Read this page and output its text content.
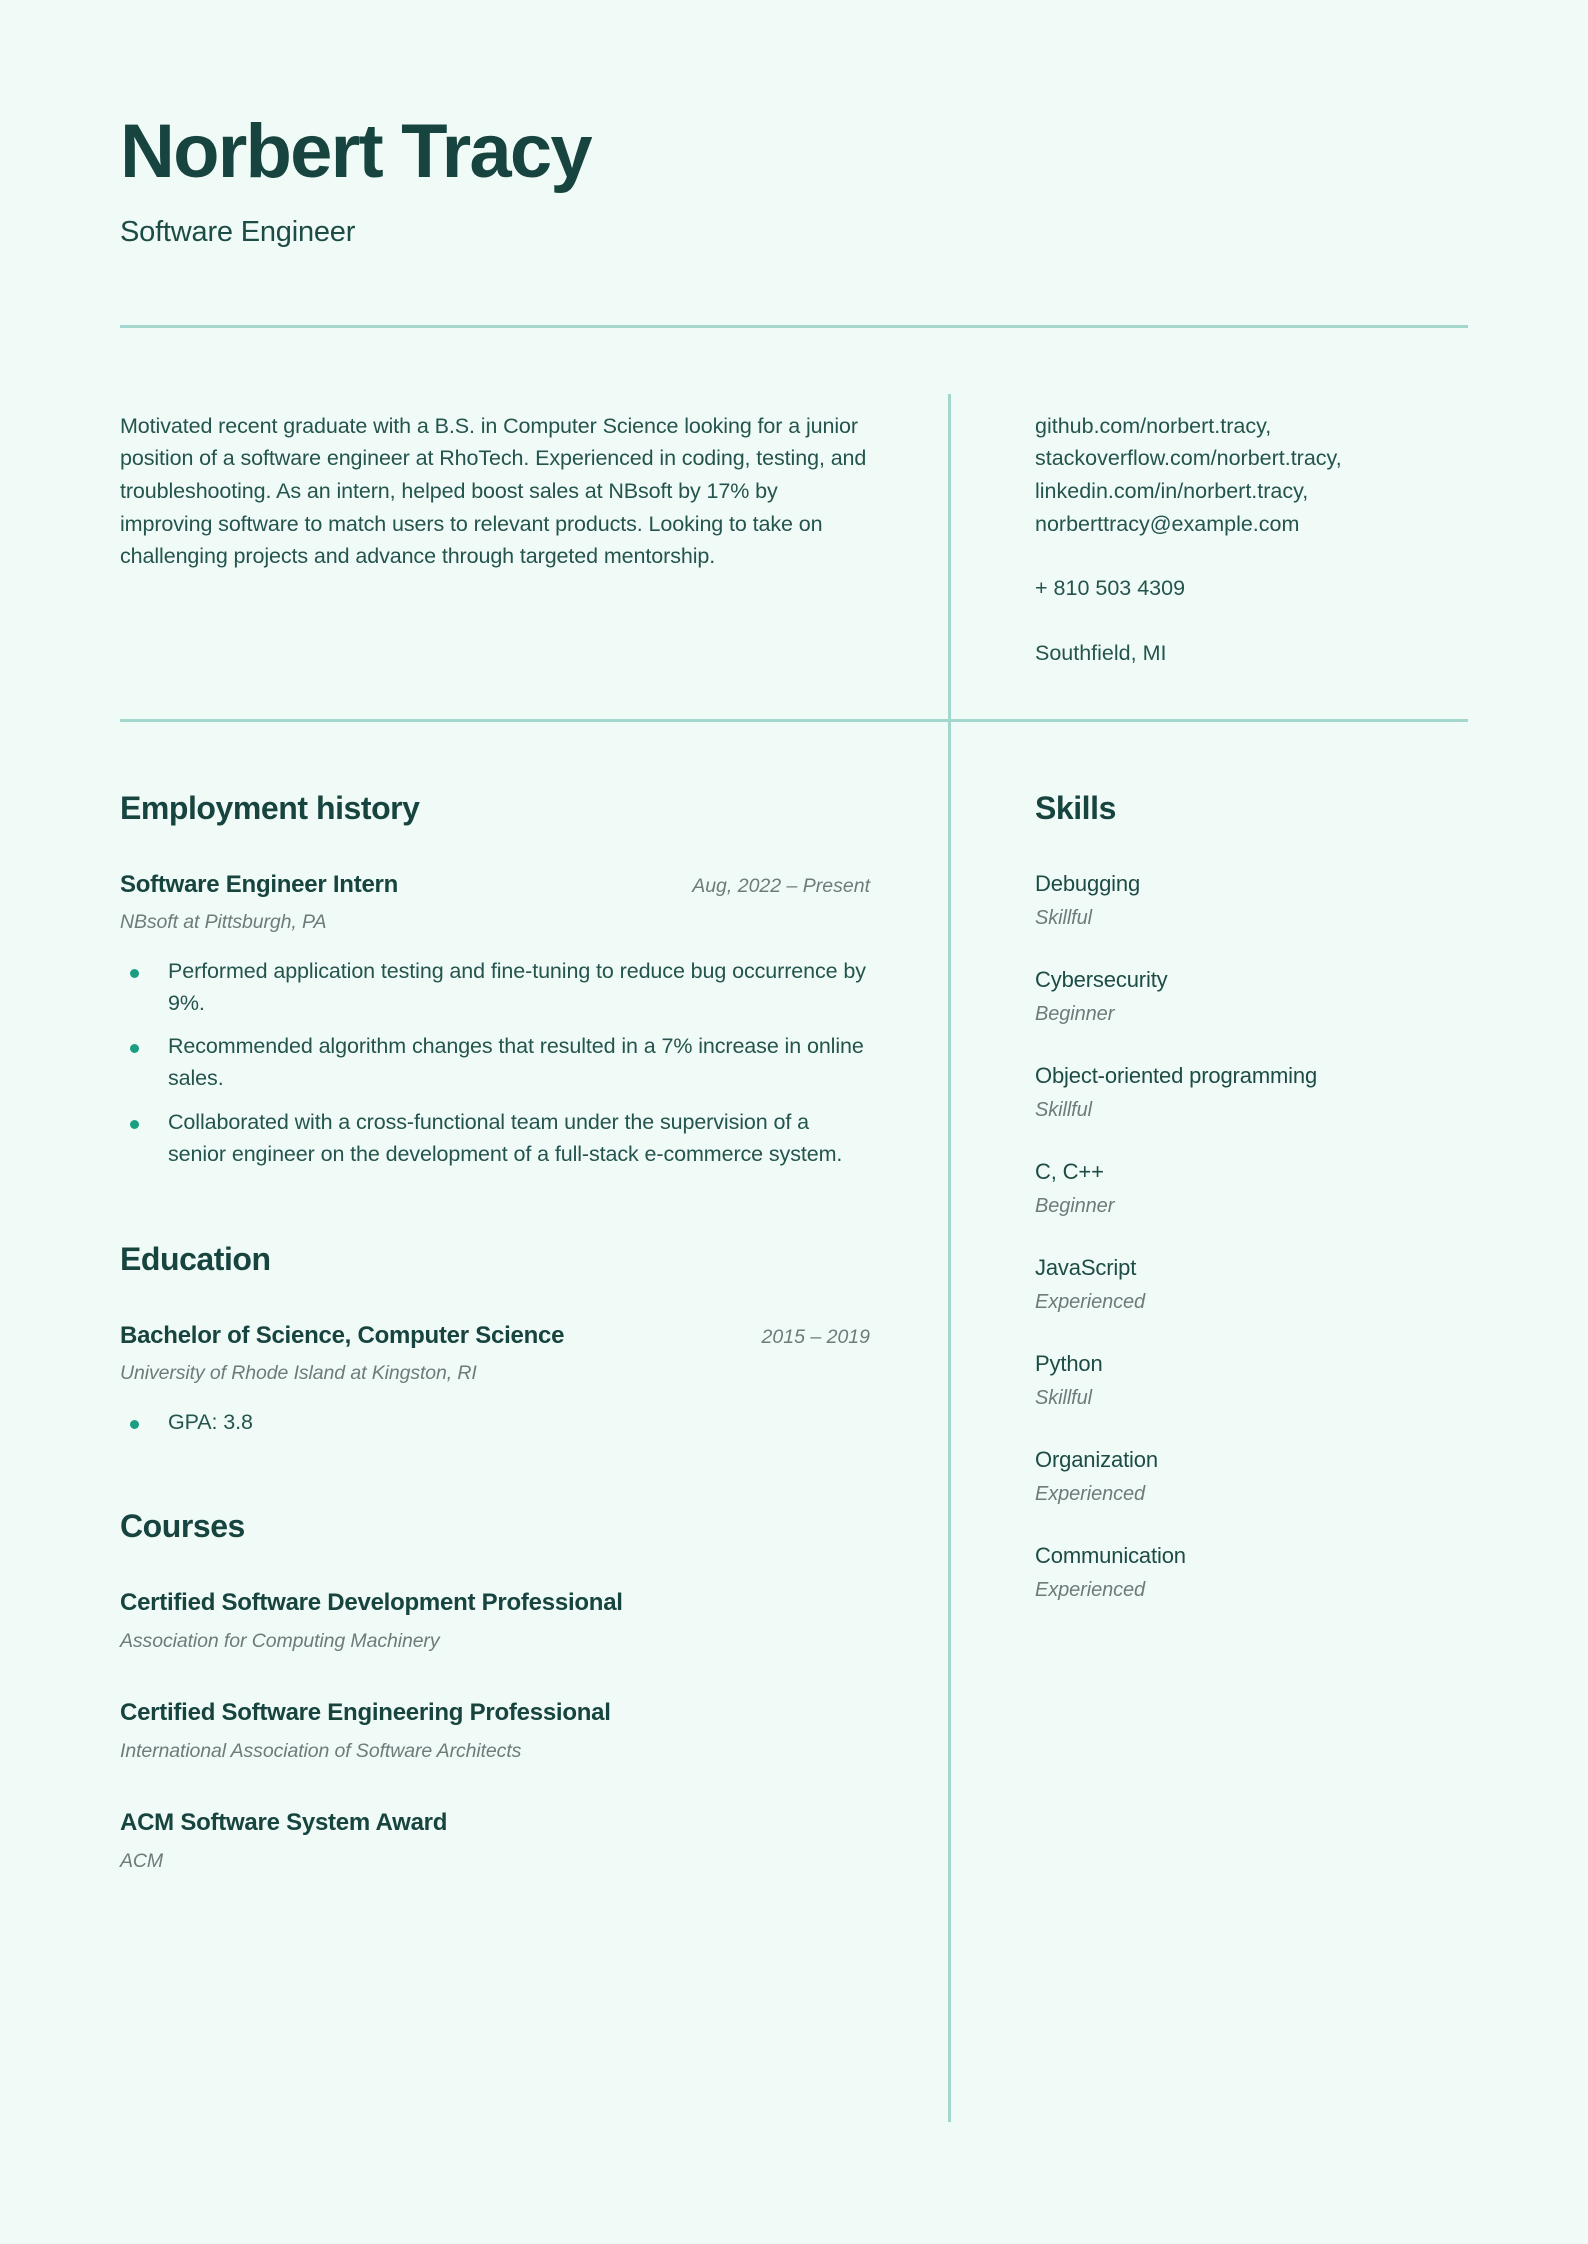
Norbert Tracy
Software Engineer

Motivated recent graduate with a B.S. in Computer Science looking for a junior position of a software engineer at RhoTech. Experienced in coding, testing, and troubleshooting. As an intern, helped boost sales at NBsoft by 17% by improving software to match users to relevant products. Looking to take on challenging projects and advance through targeted mentorship.

github.com/norbert.tracy, stackoverflow.com/norbert.tracy, linkedin.com/in/norbert.tracy, norberttracy@example.com
+ 810 503 4309
Southfield, MI
Employment history
Software Engineer Intern	Aug, 2022 – Present
NBsoft at Pittsburgh, PA
Performed application testing and fine-tuning to reduce bug occurrence by 9%.
Recommended algorithm changes that resulted in a 7% increase in online sales.
Collaborated with a cross-functional team under the supervision of a senior engineer on the development of a full-stack e-commerce system.
Education
Bachelor of Science, Computer Science	2015 – 2019
University of Rhode Island at Kingston, RI
GPA: 3.8
Courses
Certified Software Development Professional
Association for Computing Machinery
Certified Software Engineering Professional
International Association of Software Architects
ACM Software System Award
ACM
Skills
Debugging
Skillful
Cybersecurity
Beginner
Object-oriented programming
Skillful
C, C++
Beginner
JavaScript
Experienced
Python
Skillful
Organization
Experienced
Communication
Experienced
